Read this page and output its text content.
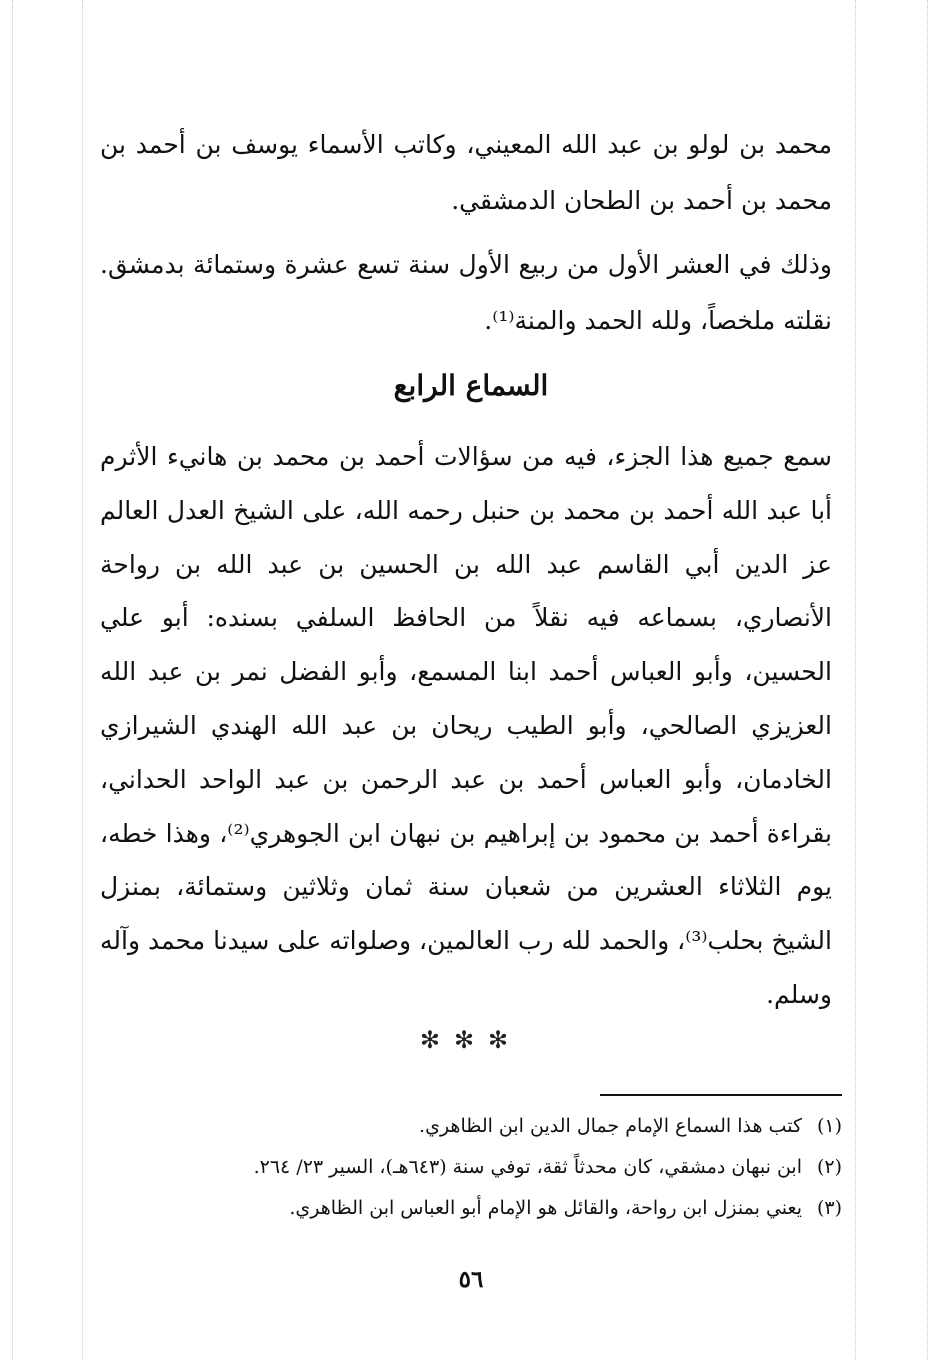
محمد بن لولو بن عبد الله المعيني، وكاتب الأسماء يوسف بن أحمد بن محمد بن أحمد بن الطحان الدمشقي.

وذلك في العشر الأول من ربيع الأول سنة تسع عشرة وستمائة بدمشق. نقلته ملخصاً، ولله الحمد والمنة⁽¹⁾.

السماع الرابع

سمع جميع هذا الجزء، فيه من سؤالات أحمد بن محمد بن هانيء الأثرم أبا عبد الله أحمد بن محمد بن حنبل رحمه الله، على الشيخ العدل العالم عز الدين أبي القاسم عبد الله بن الحسين بن عبد الله بن رواحة الأنصاري، بسماعه فيه نقلاً من الحافظ السلفي بسنده: أبو علي الحسين، وأبو العباس أحمد ابنا المسمع، وأبو الفضل نمر بن عبد الله العزيزي الصالحي، وأبو الطيب ريحان بن عبد الله الهندي الشيرازي الخادمان، وأبو العباس أحمد بن عبد الرحمن بن عبد الواحد الحداني، بقراءة أحمد بن محمود بن إبراهيم بن نبهان ابن الجوهري⁽²⁾، وهذا خطه، يوم الثلاثاء العشرين من شعبان سنة ثمان وثلاثين وستمائة، بمنزل الشيخ بحلب⁽³⁾، والحمد لله رب العالمين، وصلواته على سيدنا محمد وآله وسلم.

✻✻✻
(١)
كتب هذا السماع الإمام جمال الدين ابن الظاهري.
(٢)
ابن نبهان دمشقي، كان محدثاً ثقة، توفي سنة (٦٤٣هـ)، السير ٢٣/ ٢٦٤.
(٣)
يعني بمنزل ابن رواحة، والقائل هو الإمام أبو العباس ابن الظاهري.
٥٦
